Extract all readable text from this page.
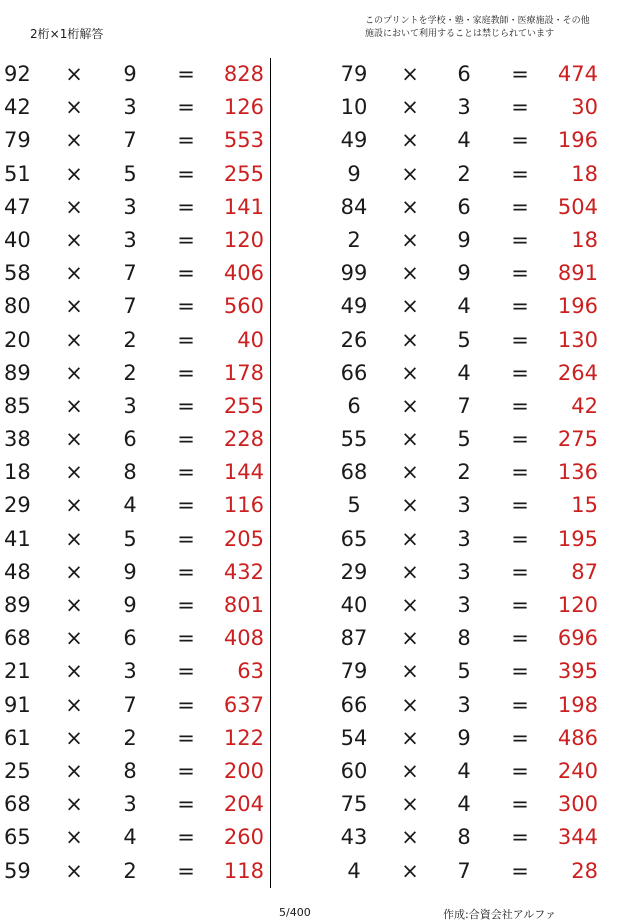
2桁×1桁解答
このプリントを学校・塾・家庭教師・医療施設・その他
施設において利用することは禁じられています
92 ×	9	=	828
42 ×	3	=	126
79 ×	7	=	553
51 ×	5	=	255
47 ×	3	=	141
40 ×	3	=	120
58 ×	7	=	406
80 ×	7	=	560
20 ×	2	=	40
89 ×	2	=	178
85 ×	3	=	255
38 ×	6	=	228
18 ×	8	=	144
29 ×	4	=	116
41 ×	5	=	205
48 ×	9	=	432
89 ×	9	=	801
68 ×	6	=	408
21 ×	3	=	63
91 ×	7	=	637
61 ×	2	=	122
25 ×	8	=	200
68 ×	3	=	204
65 ×	4	=	260
59 ×	2	=	118
79	×	6	=	474
10	×	3	=	30
49	×	4	=	196
9	×	2	=	18
84	×	6	=	504
2	×	9	=	18
99	×	9	=	891
49	×	4	=	196
26	×	5	=	130
66	×	4	=	264
6	×	7	=	42
55	×	5	=	275
68	×	2	=	136
5	×	3	=	15
65	×	3	=	195
29	×	3	=	87
40	×	3	=	120
87	×	8	=	696
79	×	5	=	395
66	×	3	=	198
54	×	9	=	486
60	×	4	=	240
75	×	4	=	300
43	×	8	=	344
4	×	7	=	28
5/400	作成:合資会社アルファ
